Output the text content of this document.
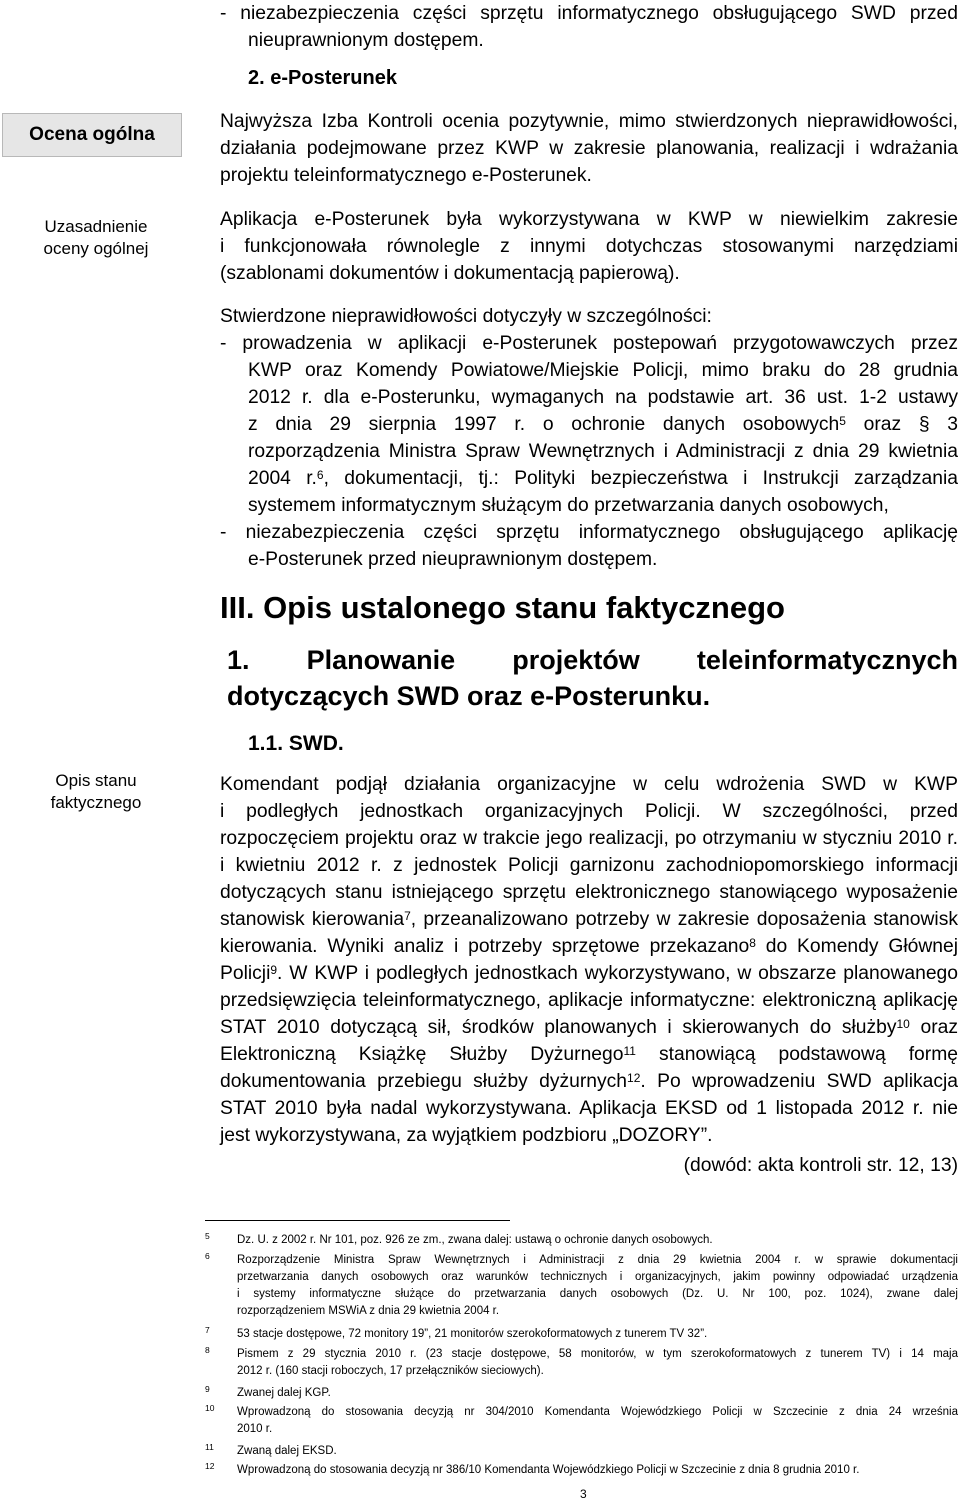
Ocena ogólna
Uzasadnienie
oceny ogólnej
Opis stanu
faktycznego

- niezabezpieczenia części sprzętu informatycznego obsługującego SWD przed

nieuprawnionym dostępem.

2. e-Posterunek

Najwyższa Izba Kontroli ocenia pozytywnie, mimo stwierdzonych nieprawidłowości,

działania podejmowane przez KWP w zakresie planowania, realizacji i wdrażania

projektu teleinformatycznego e-Posterunek.

Aplikacja e-Posterunek była wykorzystywana w KWP w niewielkim zakresie

i funkcjonowała równolegle z innymi dotychczas stosowanymi narzędziami

(szablonami dokumentów i dokumentacją papierową).

Stwierdzone nieprawidłowości dotyczyły w szczególności:

- prowadzenia w aplikacji e-Posterunek postepowań przygotowawczych przez

KWP oraz Komendy Powiatowe/Miejskie Policji, mimo braku do 28 grudnia

2012 r. dla e-Posterunku, wymaganych na podstawie art. 36 ust. 1-2 ustawy

z dnia 29 sierpnia 1997 r. o ochronie danych osobowych$^5$ oraz § 3

rozporządzenia Ministra Spraw Wewnętrznych i Administracji z dnia 29 kwietnia

2004 r.$^6$, dokumentacji, tj.: Polityki bezpieczeństwa i Instrukcji zarządzania

systemem informatycznym służącym do przetwarzania danych osobowych,

- niezabezpieczenia części sprzętu informatycznego obsługującego aplikację

e-Posterunek przed nieuprawnionym dostępem.

III. Opis ustalonego stanu faktycznego

1. Planowanie projektów teleinformatycznych

dotyczących SWD oraz e-Posterunku.

1.1. SWD.

Komendant podjął działania organizacyjne w celu wdrożenia SWD w KWP

i podległych jednostkach organizacyjnych Policji. W szczególności, przed

rozpoczęciem projektu oraz w trakcie jego realizacji, po otrzymaniu w styczniu 2010 r.

i kwietniu 2012 r. z jednostek Policji garnizonu zachodniopomorskiego informacji

dotyczących stanu istniejącego sprzętu elektronicznego stanowiącego wyposażenie

stanowisk kierowania$^7$, przeanalizowano potrzeby w zakresie doposażenia stanowisk

kierowania. Wyniki analiz i potrzeby sprzętowe przekazano$^8$ do Komendy Głównej

Policji$^9$. W KWP i podległych jednostkach wykorzystywano, w obszarze planowanego

przedsięwzięcia teleinformatycznego, aplikacje informatyczne: elektroniczną aplikację

STAT 2010 dotyczącą sił, środków planowanych i skierowanych do służby$^{10}$ oraz

Elektroniczną Książkę Służby Dyżurnego$^{11}$ stanowiącą podstawową formę

dokumentowania przebiegu służby dyżurnych$^{12}$. Po wprowadzeniu SWD aplikacja

STAT 2010 była nadal wykorzystywana. Aplikacja EKSD od 1 listopada 2012 r. nie

jest wykorzystywana, za wyjątkiem podzbioru „DOZORY”.

(dowód: akta kontroli str. 12, 13)

5 Dz. U. z 2002 r. Nr 101, poz. 926 ze zm., zwana dalej: ustawą o ochronie danych osobowych.
6 Rozporządzenie Ministra Spraw Wewnętrznych i Administracji z dnia 29 kwietnia 2004 r. w sprawie dokumentacji
przetwarzania danych osobowych oraz warunków technicznych i organizacyjnych, jakim powinny odpowiadać urządzenia
i systemy informatyczne służące do przetwarzania danych osobowych (Dz. U. Nr 100, poz. 1024), zwane dalej
rozporządzeniem MSWiA z dnia 29 kwietnia 2004 r.
7 53 stacje dostępowe, 72 monitory 19”, 21 monitorów szerokoformatowych z tunerem TV 32”.
8 Pismem z 29 stycznia 2010 r. (23 stacje dostępowe, 58 monitorów, w tym szerokoformatowych z tunerem TV) i 14 maja
2012 r. (160 stacji roboczych, 17 przełączników sieciowych).
9 Zwanej dalej KGP.
10 Wprowadzoną do stosowania decyzją nr 304/2010 Komendanta Wojewódzkiego Policji w Szczecinie z dnia 24 września
2010 r.
11 Zwaną dalej EKSD.
12 Wprowadzoną do stosowania decyzją nr 386/10 Komendanta Wojewódzkiego Policji w Szczecinie z dnia 8 grudnia 2010 r.
3
